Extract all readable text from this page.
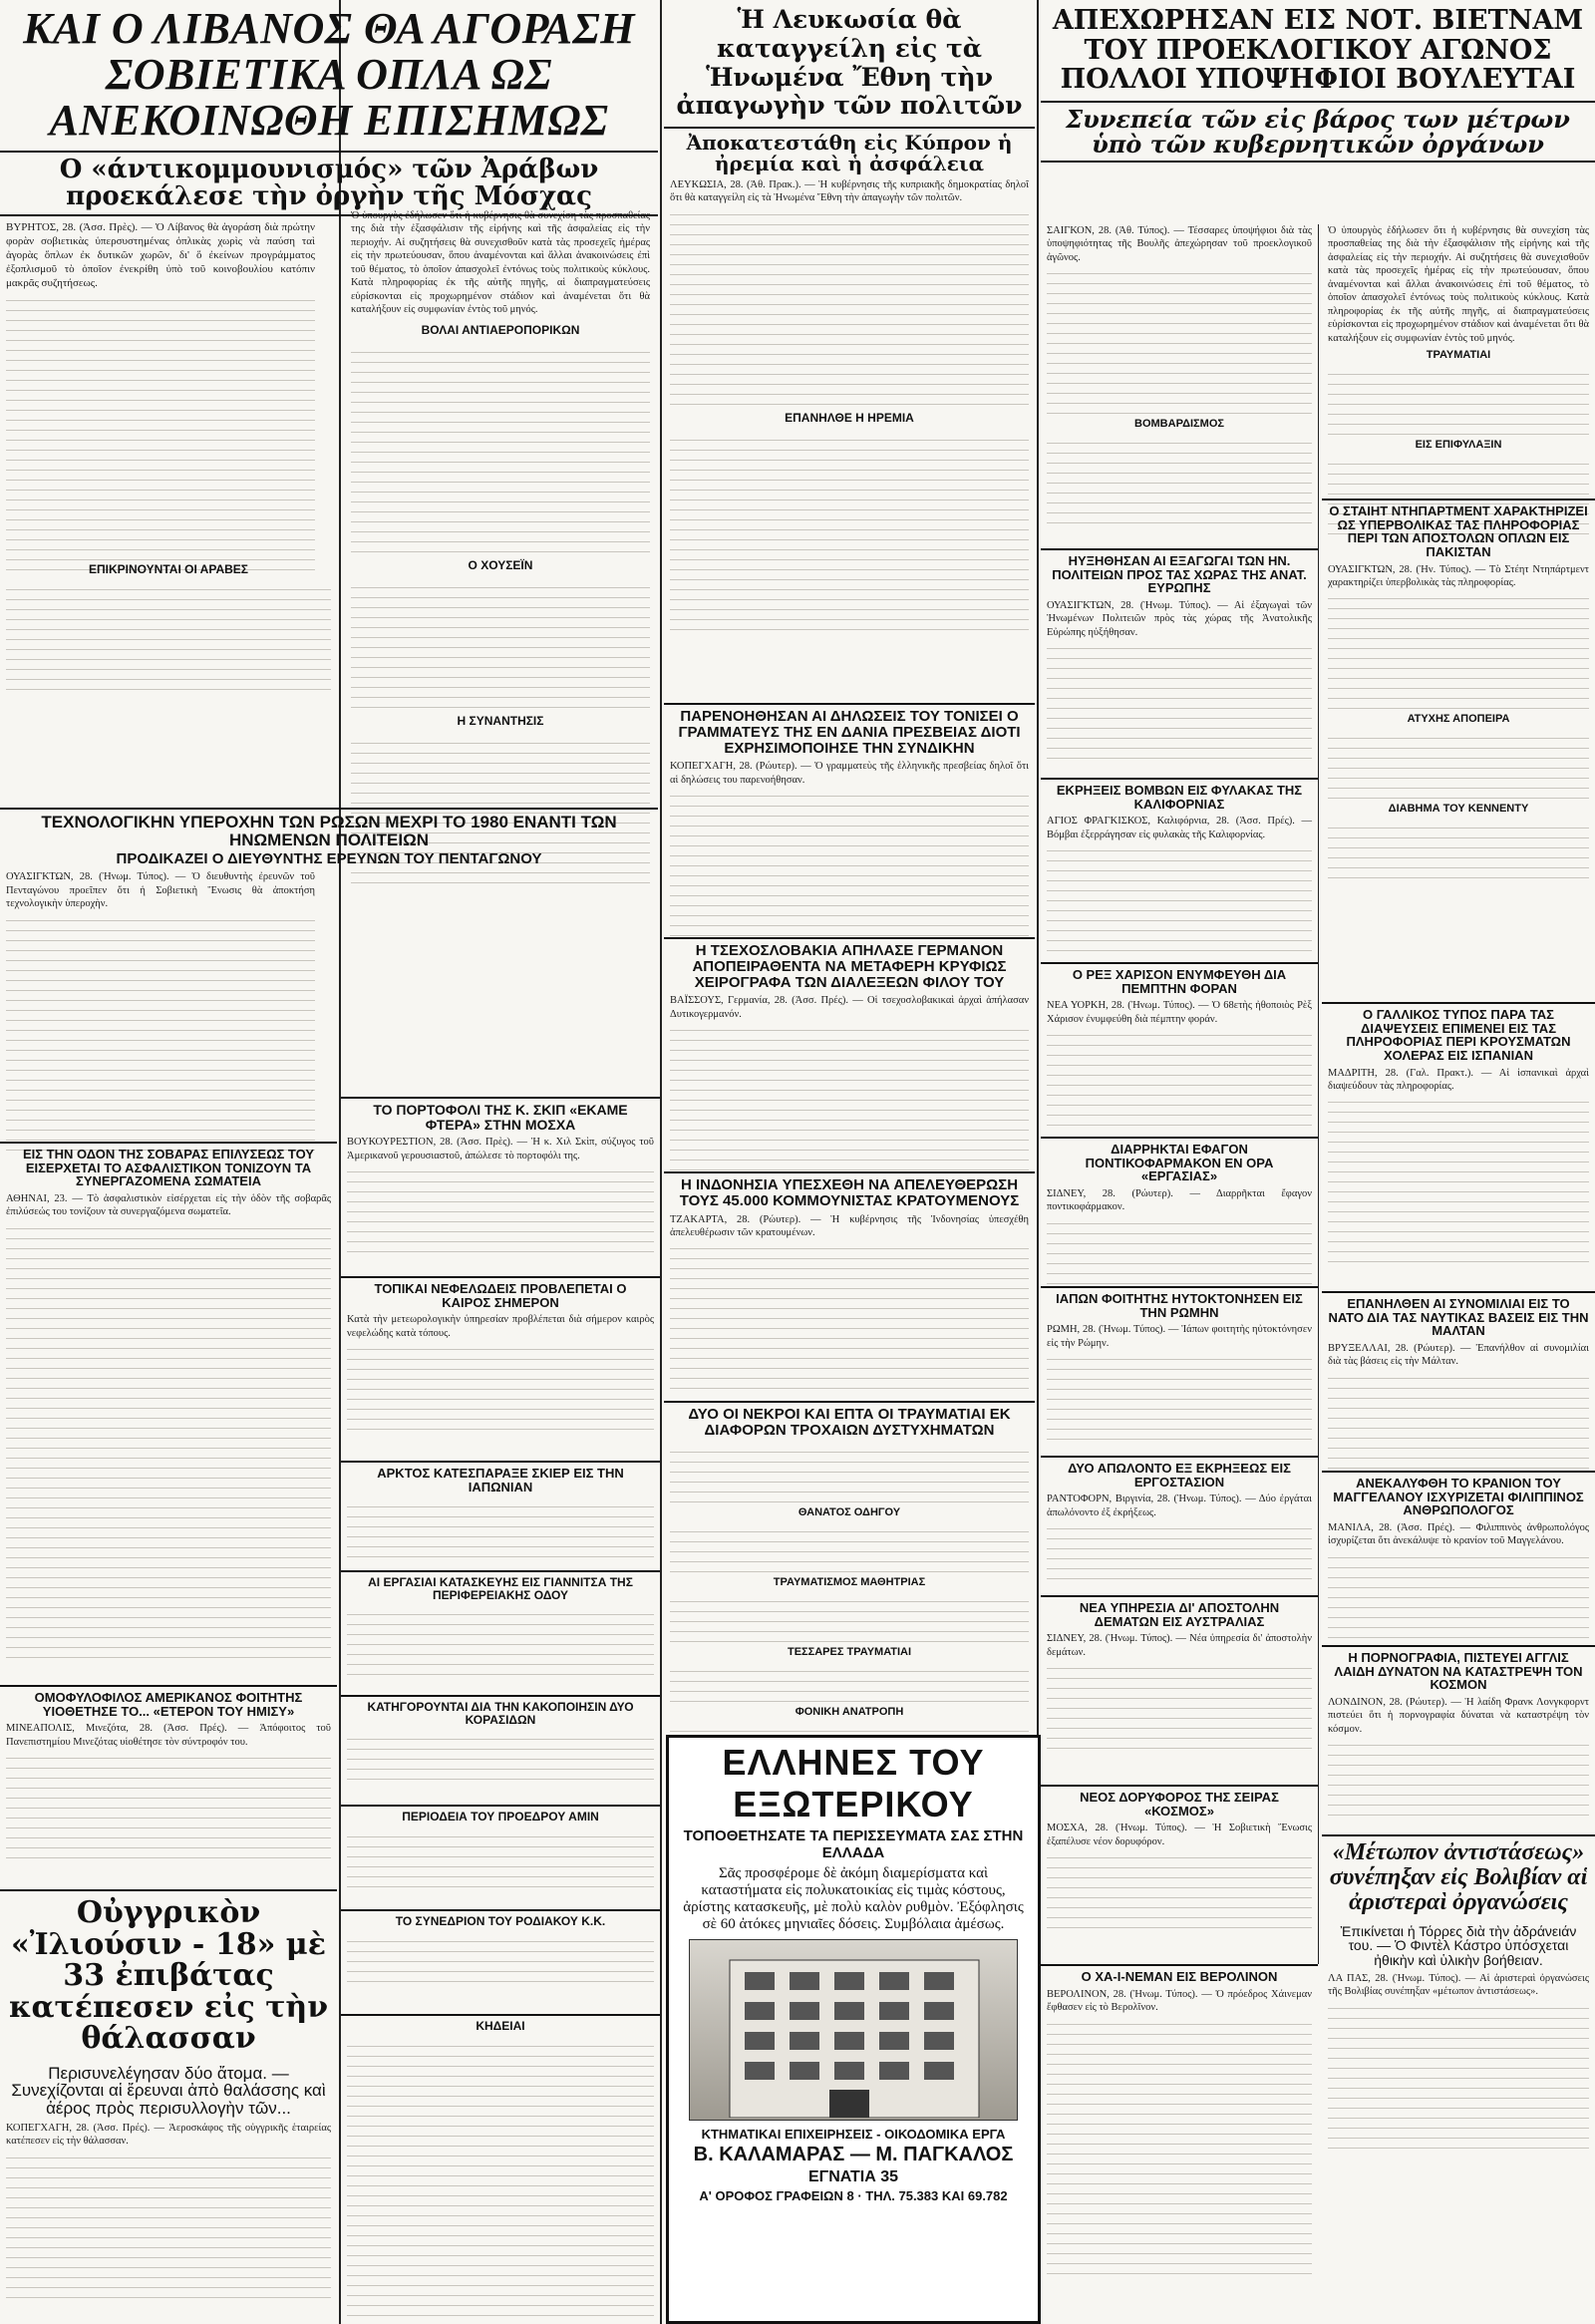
ΚΑΙ Ο ΛΙΒΑΝΟΣ ΘΑ ΑΓΟΡΑΣΗ ΣΟΒΙΕΤΙΚΑ ΟΠΛΑ ΩΣ ΑΝΕΚΟΙΝΩΘΗ ΕΠΙΣΗΜΩΣ
Ο «άντικομμουνισμός» τῶν Ἀράβων προεκάλεσε τὴν ὀργὴν τῆς Μόσχας

ΒΥΡΗΤΟΣ, 28. (Ἀσσ. Πρὲς). — Ὁ Λίβανος θὰ ἀγοράση διὰ πρώτην φορὰν σοβιετικὰς ὑπερσυστημένας ὁπλικὰς χωρὶς νὰ παύση ταὶ ἀγορὰς ὅπλων ἐκ δυτικῶν χωρῶν, δι' ὅ ἐκείνων προγράμματος ἐξοπλισμοῦ τὸ ὁποῖον ἐνεκρίθη ὑπὸ τοῦ κοινοβουλίου κατόπιν μακρᾶς συζητήσεως.

Ὁ ὑπουργὸς ἐδήλωσεν ὅτι ἡ κυβέρνησις θὰ συνεχίση τὰς προσπαθείας της διὰ τὴν ἐξασφάλισιν τῆς εἰρήνης καὶ τῆς ἀσφαλείας εἰς τὴν περιοχήν. Αἱ συζητήσεις θὰ συνεχισθοῦν κατὰ τὰς προσεχεῖς ἡμέρας εἰς τὴν πρωτεύουσαν, ὅπου ἀναμένονται καὶ ἄλλαι ἀνακοινώσεις ἐπὶ τοῦ θέματος, τὸ ὁποῖον ἀπασχολεῖ ἐντόνως τοὺς πολιτικοὺς κύκλους. Κατὰ πληροφορίας ἐκ τῆς αὐτῆς πηγῆς, αἱ διαπραγματεύσεις εὑρίσκονται εἰς προχωρημένον στάδιον καὶ ἀναμένεται ὅτι θὰ καταλήξουν εἰς συμφωνίαν ἐντὸς τοῦ μηνός.

ΒΟΛΑΙ ΑΝΤΙΑΕΡΟΠΟΡΙΚΩΝ

Ο ΧΟΥΣΕΪΝ

Η ΣΥΝΑΝΤΗΣΙΣ

ΕΠΙΚΡΙΝΟΥΝΤΑΙ ΟΙ ΑΡΑΒΕΣ

ΤΕΧΝΟΛΟΓΙΚΗΝ ΥΠΕΡΟΧΗΝ ΤΩΝ ΡΩΣΩΝ ΜΕΧΡΙ ΤΟ 1980 ΕΝΑΝΤΙ ΤΩΝ ΗΝΩΜΕΝΩΝ ΠΟΛΙΤΕΙΩΝ
ΠΡΟΔΙΚΑΖΕΙ Ο ΔΙΕΥΘΥΝΤΗΣ ΕΡΕΥΝΩΝ ΤΟΥ ΠΕΝΤΑΓΩΝΟΥ

ΟΥΑΣΙΓΚΤΩΝ, 28. (Ἡνωμ. Τύπος). — Ὁ διευθυντὴς ἐρευνῶν τοῦ Πενταγώνου προεῖπεν ὅτι ἡ Σοβιετικὴ Ἕνωσις θὰ ἀποκτήση τεχνολογικὴν ὑπεροχὴν.

ΤΟ ΠΟΡΤΟΦΟΛΙ ΤΗΣ Κ. ΣΚΙΠ «ΕΚΑΜΕ ΦΤΕΡΑ» ΣΤΗΝ ΜΟΣΧΑ

ΒΟΥΚΟΥΡΕΣΤΙΟΝ, 28. (Ἀσσ. Πρὲς). — Ἡ κ. Χιλ Σκὶπ, σύζυγος τοῦ Ἀμερικανοῦ γερουσιαστοῦ, ἀπώλεσε τὸ πορτοφόλι της.

ΤΟΠΙΚΑΙ ΝΕΦΕΛΩΔΕΙΣ ΠΡΟΒΛΕΠΕΤΑΙ Ο ΚΑΙΡΟΣ ΣΗΜΕΡΟΝ

Κατὰ τὴν μετεωρολογικὴν ὑπηρεσίαν προβλέπεται διὰ σήμερον καιρὸς νεφελώδης κατὰ τόπους.

ΑΡΚΤΟΣ ΚΑΤΕΣΠΑΡΑΞΕ ΣΚΙΕΡ ΕΙΣ ΤΗΝ ΙΑΠΩΝΙΑΝ
ΑΙ ΕΡΓΑΣΙΑΙ ΚΑΤΑΣΚΕΥΗΣ ΕΙΣ ΓΙΑΝΝΙΤΣΑ ΤΗΣ ΠΕΡΙΦΕΡΕΙΑΚΗΣ ΟΔΟΥ
ΚΑΤΗΓΟΡΟΥΝΤΑΙ ΔΙΑ ΤΗΝ ΚΑΚΟΠΟΙΗΣΙΝ ΔΥΟ ΚΟΡΑΣΙΔΩΝ
ΠΕΡΙΟΔΕΙΑ ΤΟΥ ΠΡΟΕΔΡΟΥ ΑΜΙΝ
ΤΟ ΣΥΝΕΔΡΙΟΝ ΤΟΥ ΡΟΔΙΑΚΟΥ Κ.Κ.
ΚΗΔΕΙΑΙ
ΕΙΣ ΤΗΝ ΟΔΟΝ ΤΗΣ ΣΟΒΑΡΑΣ ΕΠΙΛΥΣΕΩΣ ΤΟΥ ΕΙΣΕΡΧΕΤΑΙ ΤΟ ΑΣΦΑΛΙΣΤΙΚΟΝ ΤΟΝΙΖΟΥΝ ΤΑ ΣΥΝΕΡΓΑΖΟΜΕΝΑ ΣΩΜΑΤΕΙΑ

ΑΘΗΝΑΙ, 23. — Τὸ ἀσφαλιστικὸν εἰσέρχεται εἰς τὴν ὁδὸν τῆς σοβαρᾶς ἐπιλύσεώς του τονίζουν τὰ συνεργαζόμενα σωματεῖα.

ΟΜΟΦΥΛΟΦΙΛΟΣ ΑΜΕΡΙΚΑΝΟΣ ΦΟΙΤΗΤΗΣ ΥΙΟΘΕΤΗΣΕ ΤΟ... «ΕΤΕΡΟΝ ΤΟΥ ΗΜΙΣΥ»

ΜΙΝΕΑΠΟΛΙΣ, Μινεζότα, 28. (Ἀσσ. Πρές). — Ἀπόφοιτος τοῦ Πανεπιστημίου Μινεζότας υἱοθέτησε τὸν σύντροφόν του.

Οὐγγρικὸν «Ἰλιούσιν - 18» μὲ 33 ἐπιβάτας κατέπεσεν εἰς τὴν θάλασσαν

Περισυνελέγησαν δύο ἄτομα. — Συνεχίζονται αἱ ἔρευναι ἀπὸ θαλάσσης καὶ ἀέρος πρὸς περισυλλογὴν τῶν...

ΚΟΠΕΓΧΑΓΗ, 28. (Ἀσσ. Πρές). — Ἀεροσκάφος τῆς οὐγγρικῆς ἑταιρείας κατέπεσεν εἰς τὴν θάλασσαν.

Ἡ Λευκωσία θὰ καταγγείλη εἰς τὰ Ἡνωμένα Ἔθνη τὴν ἀπαγωγὴν τῶν πολιτῶν
Ἀποκατεστάθη εἰς Κύπρον ἡ ἠρεμία καὶ ἡ ἀσφάλεια

ΛΕΥΚΩΣΙΑ, 28. (Ἀθ. Πρακ.). — Ἡ κυβέρνησις τῆς κυπριακῆς δημοκρατίας δηλοῖ ὅτι θὰ καταγγείλη εἰς τὰ Ἡνωμένα Ἔθνη τὴν ἀπαγωγὴν τῶν πολιτῶν.

ΕΠΑΝΗΛΘΕ Η ΗΡΕΜΙΑ

ΠΑΡΕΝΟΗΘΗΣΑΝ ΑΙ ΔΗΛΩΣΕΙΣ ΤΟΥ ΤΟΝΙΣΕΙ Ο ΓΡΑΜΜΑΤΕΥΣ ΤΗΣ ΕΝ ΔΑΝΙΑ ΠΡΕΣΒΕΙΑΣ ΔΙΟΤΙ ΕΧΡΗΣΙΜΟΠΟΙΗΣΕ ΤΗΝ ΣΥΝΔΙΚΗΝ

ΚΟΠΕΓΧΑΓΗ, 28. (Ρώυτερ). — Ὁ γραμματεὺς τῆς ἑλληνικῆς πρεσβείας δηλοῖ ὅτι αἱ δηλώσεις του παρενοήθησαν.

Η ΤΣΕΧΟΣΛΟΒΑΚΙΑ ΑΠΗΛΑΣΕ ΓΕΡΜΑΝΟΝ ΑΠΟΠΕΙΡΑΘΕΝΤΑ ΝΑ ΜΕΤΑΦΕΡΗ ΚΡΥΦΙΩΣ ΧΕΙΡΟΓΡΑΦΑ ΤΩΝ ΔΙΑΛΕΞΕΩΝ ΦΙΛΟΥ ΤΟΥ

ΒΑΪΣΣΟΥΣ, Γερμανία, 28. (Ἀσσ. Πρές). — Οἱ τσεχοσλοβακικαὶ ἀρχαὶ ἀπήλασαν Δυτικογερμανόν.

Η ΙΝΔΟΝΗΣΙΑ ΥΠΕΣΧΕΘΗ ΝΑ ΑΠΕΛΕΥΘΕΡΩΣΗ ΤΟΥΣ 45.000 ΚΟΜΜΟΥΝΙΣΤΑΣ ΚΡΑΤΟΥΜΕΝΟΥΣ

ΤΖΑΚΑΡΤΑ, 28. (Ρώυτερ). — Ἡ κυβέρνησις τῆς Ἰνδονησίας ὑπεσχέθη ἀπελευθέρωσιν τῶν κρατουμένων.

ΔΥΟ ΟΙ ΝΕΚΡΟΙ ΚΑΙ ΕΠΤΑ ΟΙ ΤΡΑΥΜΑΤΙΑΙ ΕΚ ΔΙΑΦΟΡΩΝ ΤΡΟΧΑΙΩΝ ΔΥΣΤΥΧΗΜΑΤΩΝ

ΘΑΝΑΤΟΣ ΟΔΗΓΟΥ

ΤΡΑΥΜΑΤΙΣΜΟΣ ΜΑΘΗΤΡΙΑΣ

ΤΕΣΣΑΡΕΣ ΤΡΑΥΜΑΤΙΑΙ

ΦΟΝΙΚΗ ΑΝΑΤΡΟΠΗ

ΕΛΛΗΝΕΣ ΤΟΥ ΕΞΩΤΕΡΙΚΟΥ

ΤΟΠΟΘΕΤΗΣΑΤΕ ΤΑ ΠΕΡΙΣΣΕΥΜΑΤΑ ΣΑΣ ΣΤΗΝ ΕΛΛΑΔΑ

Σᾶς προσφέρομε δὲ ἀκόμη διαμερίσματα καὶ καταστήματα εἰς πολυκατοικίας εἰς τιμὰς κόστους, ἀρίστης κατασκευῆς, μὲ πολὺ καλὸν ρυθμὸν. Ἐξόφλησις σὲ 60 ἀτόκες μηνιαῖες δόσεις. Συμβόλαια ἀμέσως.

ΚΤΗΜΑΤΙΚΑΙ ΕΠΙΧΕΙΡΗΣΕΙΣ - ΟΙΚΟΔΟΜΙΚΑ ΕΡΓΑ

Β. ΚΑΛΑΜΑΡΑΣ — Μ. ΠΑΓΚΑΛΟΣ

ΕΓΝΑΤΙΑ 35

Α' ΟΡΟΦΟΣ ΓΡΑΦΕΙΩΝ 8 · ΤΗΛ. 75.383 ΚΑΙ 69.782

ΑΠΕΧΩΡΗΣΑΝ ΕΙΣ ΝΟΤ. ΒΙΕΤΝΑΜ ΤΟΥ ΠΡΟΕΚΛΟΓΙΚΟΥ ΑΓΩΝΟΣ ΠΟΛΛΟΙ ΥΠΟΨΗΦΙΟΙ ΒΟΥΛΕΥΤΑΙ
Συνεπεία τῶν εἰς βάρος των μέτρων ὑπὸ τῶν κυβερνητικῶν ὀργάνων

ΣΑΙΓΚΟΝ, 28. (Ἀθ. Τύπος). — Τέσσαρες ὑποψήφιοι διὰ τὰς ὑποψηφιότητας τῆς Βουλῆς ἀπεχώρησαν τοῦ προεκλογικοῦ ἀγῶνος.

ΒΟΜΒΑΡΔΙΣΜΟΣ

Ὁ ὑπουργὸς ἐδήλωσεν ὅτι ἡ κυβέρνησις θὰ συνεχίση τὰς προσπαθείας της διὰ τὴν ἐξασφάλισιν τῆς εἰρήνης καὶ τῆς ἀσφαλείας εἰς τὴν περιοχήν. Αἱ συζητήσεις θὰ συνεχισθοῦν κατὰ τὰς προσεχεῖς ἡμέρας εἰς τὴν πρωτεύουσαν, ὅπου ἀναμένονται καὶ ἄλλαι ἀνακοινώσεις ἐπὶ τοῦ θέματος, τὸ ὁποῖον ἀπασχολεῖ ἐντόνως τοὺς πολιτικοὺς κύκλους. Κατὰ πληροφορίας ἐκ τῆς αὐτῆς πηγῆς, αἱ διαπραγματεύσεις εὑρίσκονται εἰς προχωρημένον στάδιον καὶ ἀναμένεται ὅτι θὰ καταλήξουν εἰς συμφωνίαν ἐντὸς τοῦ μηνός.

ΤΡΑΥΜΑΤΙΑΙ

ΕΙΣ ΕΠΙΦΥΛΑΞΙΝ

ΗΥΞΗΘΗΣΑΝ ΑΙ ΕΞΑΓΩΓΑΙ ΤΩΝ ΗΝ. ΠΟΛΙΤΕΙΩΝ ΠΡΟΣ ΤΑΣ ΧΩΡΑΣ ΤΗΣ ΑΝΑΤ. ΕΥΡΩΠΗΣ

ΟΥΑΣΙΓΚΤΩΝ, 28. (Ἡνωμ. Τύπος). — Αἱ ἐξαγωγαὶ τῶν Ἡνωμένων Πολιτειῶν πρὸς τὰς χώρας τῆς Ἀνατολικῆς Εὐρώπης ηὐξήθησαν.

ΕΚΡΗΞΕΙΣ ΒΟΜΒΩΝ ΕΙΣ ΦΥΛΑΚΑΣ ΤΗΣ ΚΑΛΙΦΟΡΝΙΑΣ

ΑΓΙΟΣ ΦΡΑΓΚΙΣΚΟΣ, Καλιφόρνια, 28. (Ἀσσ. Πρές). — Βόμβαι ἐξερράγησαν εἰς φυλακὰς τῆς Καλιφορνίας.

Ο ΡΕΞ ΧΑΡΙΣΟΝ ΕΝΥΜΦΕΥΘΗ ΔΙΑ ΠΕΜΠΤΗΝ ΦΟΡΑΝ

ΝΕΑ ΥΟΡΚΗ, 28. (Ἡνωμ. Τύπος). — Ὁ 68ετὴς ἠθοποιὸς Ρὲξ Χάρισον ἐνυμφεύθη διὰ πέμπτην φοράν.

ΔΙΑΡΡΗΚΤΑΙ ΕΦΑΓΟΝ ΠΟΝΤΙΚΟΦΑΡΜΑΚΟΝ ΕΝ ΟΡΑ «ΕΡΓΑΣΙΑΣ»

ΣΙΔΝΕΥ, 28. (Ρώυτερ). — Διαρρῆκται ἔφαγον ποντικοφάρμακον.

ΙΑΠΩΝ ΦΟΙΤΗΤΗΣ ΗΥΤΟΚΤΟΝΗΣΕΝ ΕΙΣ ΤΗΝ ΡΩΜΗΝ

ΡΩΜΗ, 28. (Ἡνωμ. Τύπος). — Ἰάπων φοιτητὴς ηὐτοκτόνησεν εἰς τὴν Ρώμην.

ΔΥΟ ΑΠΩΛΟΝΤΟ ΕΞ ΕΚΡΗΞΕΩΣ ΕΙΣ ΕΡΓΟΣΤΑΣΙΟΝ

ΡΑΝΤΟΦΟΡΝ, Βιργινία, 28. (Ἡνωμ. Τύπος). — Δύο ἐργάται ἀπωλόνοντο ἐξ ἐκρήξεως.

ΝΕΑ ΥΠΗΡΕΣΙΑ ΔΙ' ΑΠΟΣΤΟΛΗΝ ΔΕΜΑΤΩΝ ΕΙΣ ΑΥΣΤΡΑΛΙΑΣ

ΣΙΔΝΕΥ, 28. (Ἡνωμ. Τύπος). — Νέα ὑπηρεσία δι' ἀποστολὴν δεμάτων.

ΝΕΟΣ ΔΟΡΥΦΟΡΟΣ ΤΗΣ ΣΕΙΡΑΣ «ΚΟΣΜΟΣ»

ΜΟΣΧΑ, 28. (Ἡνωμ. Τύπος). — Ἡ Σοβιετικὴ Ἕνωσις ἐξαπέλυσε νέον δορυφόρον.

Ο ΧΑ-Ι-ΝΕΜΑΝ ΕΙΣ ΒΕΡΟΛΙΝΟΝ

ΒΕΡΟΛΙΝΟΝ, 28. (Ἡνωμ. Τύπος). — Ὁ πρόεδρος Χάινεμαν ἔφθασεν εἰς τὸ Βερολῖνον.

Ο ΣΤΑΙΗΤ ΝΤΗΠΑΡΤΜΕΝΤ ΧΑΡΑΚΤΗΡΙΖΕΙ ΩΣ ΥΠΕΡΒΟΛΙΚΑΣ ΤΑΣ ΠΛΗΡΟΦΟΡΙΑΣ ΠΕΡΙ ΤΩΝ ΑΠΟΣΤΟΛΩΝ ΟΠΛΩΝ ΕΙΣ ΠΑΚΙΣΤΑΝ

ΟΥΑΣΙΓΚΤΩΝ, 28. (Ἡν. Τύπος). — Τὸ Στέητ Ντηπάρτμεντ χαρακτηρίζει ὑπερβολικὰς τὰς πληροφορίας.

ΑΤΥΧΗΣ ΑΠΟΠΕΙΡΑ

ΔΙΑΒΗΜΑ ΤΟΥ ΚΕΝΝΕΝΤΥ

Ο ΓΑΛΛΙΚΟΣ ΤΥΠΟΣ ΠΑΡΑ ΤΑΣ ΔΙΑΨΕΥΣΕΙΣ ΕΠΙΜΕΝΕΙ ΕΙΣ ΤΑΣ ΠΛΗΡΟΦΟΡΙΑΣ ΠΕΡΙ ΚΡΟΥΣΜΑΤΩΝ ΧΟΛΕΡΑΣ ΕΙΣ ΙΣΠΑΝΙΑΝ

ΜΑΔΡΙΤΗ, 28. (Γαλ. Πρακτ.). — Αἱ ἱσπανικαὶ ἀρχαὶ διαψεύδουν τὰς πληροφορίας.

ΕΠΑΝΗΛΘΕΝ ΑΙ ΣΥΝΟΜΙΛΙΑΙ ΕΙΣ ΤΟ ΝΑΤΟ ΔΙΑ ΤΑΣ ΝΑΥΤΙΚΑΣ ΒΑΣΕΙΣ ΕΙΣ ΤΗΝ ΜΑΛΤΑΝ

ΒΡΥΞΕΛΛΑΙ, 28. (Ρώυτερ). — Ἐπανήλθον αἱ συνομιλίαι διὰ τὰς βάσεις εἰς τὴν Μάλταν.

ΑΝΕΚΑΛΥΦΘΗ ΤΟ ΚΡΑΝΙΟΝ ΤΟΥ ΜΑΓΓΕΛΑΝΟΥ ΙΣΧΥΡΙΖΕΤΑΙ ΦΙΛΙΠΠΙΝΟΣ ΑΝΘΡΩΠΟΛΟΓΟΣ

ΜΑΝΙΛΑ, 28. (Ἀσσ. Πρές). — Φιλιππινὸς ἀνθρωπολόγος ἰσχυρίζεται ὅτι ἀνεκάλυψε τὸ κρανίον τοῦ Μαγγελάνου.

Η ΠΟΡΝΟΓΡΑΦΙΑ, ΠΙΣΤΕΥΕΙ ΑΓΓΛΙΣ ΛΑΙΔΗ ΔΥΝΑΤΟΝ ΝΑ ΚΑΤΑΣΤΡΕΨΗ ΤΟΝ ΚΟΣΜΟΝ

ΛΟΝΔΙΝΟΝ, 28. (Ρώυτερ). — Ἡ λαίδη Φρανκ Λονγκφορντ πιστεύει ὅτι ἡ πορνογραφία δύναται νὰ καταστρέψη τὸν κόσμον.

«Μέτωπον ἀντιστάσεως» συνέπηξαν εἰς Βολιβίαν αἱ ἀριστεραὶ ὀργανώσεις

Ἐπικίνεται ἡ Τόρρες διὰ τὴν ἀδράνειάν του. — Ὁ Φιντὲλ Κάστρο ὑπόσχεται ἠθικὴν καὶ ὑλικὴν βοήθειαν.

ΛΑ ΠΑΣ, 28. (Ἡνωμ. Τύπος). — Αἱ ἀριστεραὶ ὀργανώσεις τῆς Βολιβίας συνέπηξαν «μέτωπον ἀντιστάσεως».
